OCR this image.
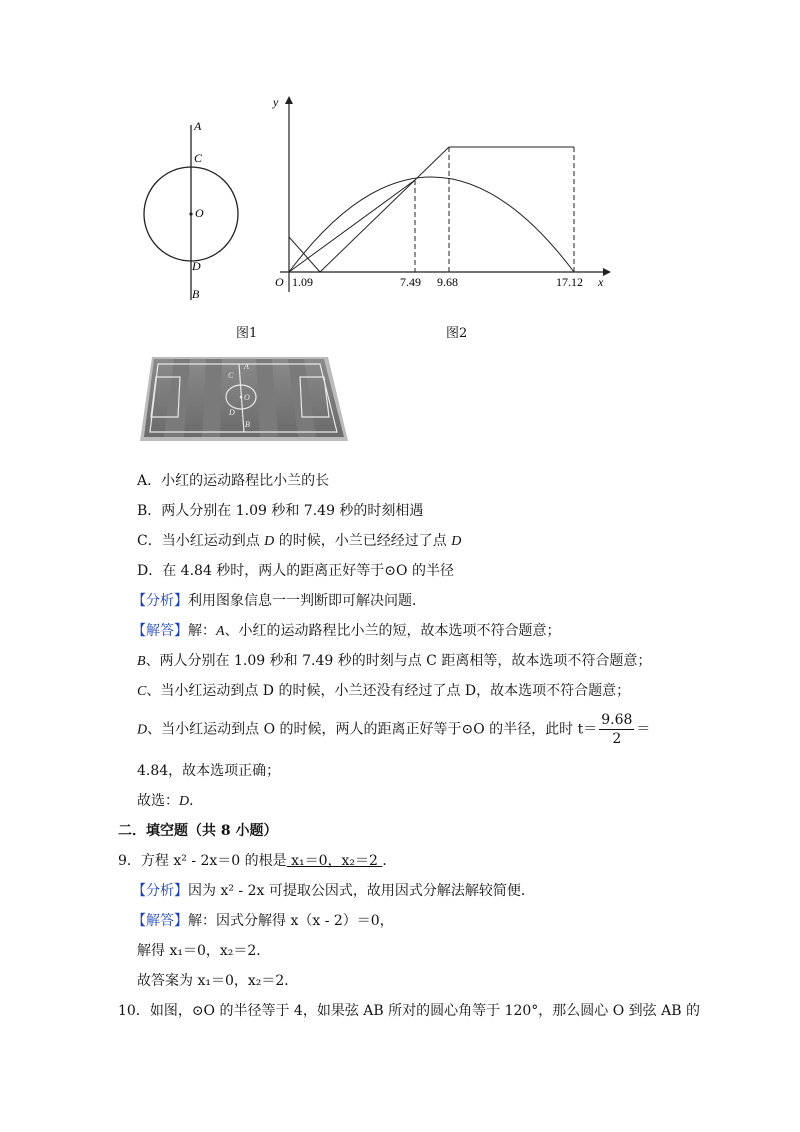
A
C
O
D
B
图1
y
x
O 1.09	7.49 9.68	17.12
图2
A
C
O
D
B
A．小红的运动路程比小兰的长
B．两人分别在 1.09 秒和 7.49 秒的时刻相遇
C．当小红运动到点 D 的时候，小兰已经经过了点 D
D．在 4.84 秒时，两人的距离正好等于⊙O 的半径
【分析】利用图象信息一一判断即可解决问题．
【解答】解：A、小红的运动路程比小兰的短，故本选项不符合题意；
B、两人分别在 1.09 秒和 7.49 秒的时刻与点 C 距离相等，故本选项不符合题意；
C、当小红运动到点 D 的时候，小兰还没有经过了点 D，故本选项不符合题意；
D、当小红运动到点 O 的时候，两人的距离正好等于⊙O 的半径，此时 $t= \frac{9.68}{2}$ ＝
4.84，故本选项正确；
故选：D．
二．填空题（共 8 小题）
9．方程 x² - 2x＝0 的根是 x₁＝0，x₂＝2 ．
【分析】因为 x² - 2x 可提取公因式，故用因式分解法解较简便．
【解答】解：因式分解得 x（x - 2）＝0，
解得 x₁＝0，x₂＝2．
故答案为 x₁＝0，x₂＝2．
10．如图，⊙O 的半径等于 4，如果弦 AB 所对的圆心角等于 120°，那么圆心 O 到弦 AB 的
